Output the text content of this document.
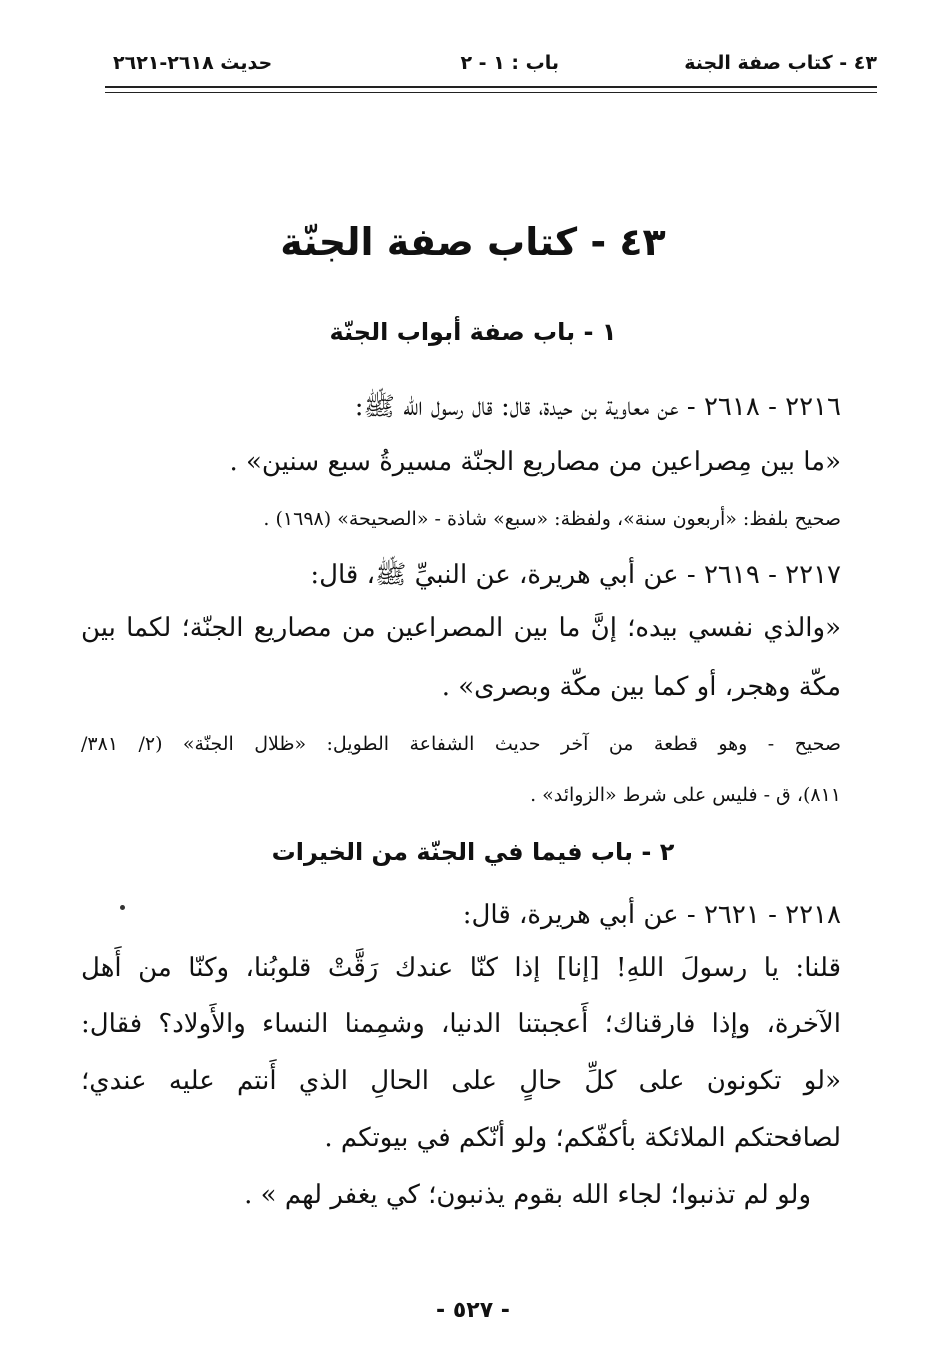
٤٣ - كتاب صفة الجنة
باب : ١ - ٢
حديث ٢٦١٨-٢٦٢١
٤٣ - كتاب صفة الجنّة
١ - باب صفة أبواب الجنّة
٢٢١٦ - ٢٦١٨ - عن معاوية بن حيدة، قال: قال رسول الله ﷺ:
«ما بين مِصراعين من مصاريع الجنّة مسيرةُ سبع سنين» .
صحيح بلفظ: «أربعون سنة»، ولفظة: «سبع» شاذة - «الصحيحة» (١٦٩٨) .
٢٢١٧ - ٢٦١٩ - عن أبي هريرة، عن النبيِّ ﷺ، قال:
«والذي نفسي بيده؛ إنَّ ما بين المصراعين من مصاريع الجنّة؛ لكما بين
مكّة وهجر، أو كما بين مكّة وبصرى» .
صحيح - وهو قطعة من آخر حديث الشفاعة الطويل: «ظلال الجنّة» (٢/ ٣٨١/
٨١١)، ق - فليس على شرط «الزوائد» .
٢ - باب فيما في الجنّة من الخيرات
٢٢١٨ - ٢٦٢١ - عن أبي هريرة، قال:
قلنا: يا رسولَ اللهِ! [إنا] إذا كنّا عندك رَقَّتْ قلوبُنا، وكنّا من أَهل
الآخرة، وإذا فارقناك؛ أَعجبتنا الدنيا، وشمِمنا النساء والأَولاد؟ فقال:
«لو تكونون على كلِّ حالٍ على الحالِ الذي أَنتم عليه عندي؛
لصافحتكم الملائكة بأكفّكم؛ ولو أنّكم في بيوتكم .
ولو لم تذنبوا؛ لجاء الله بقوم يذنبون؛ كي يغفر لهم » .
- ٥٢٧ -
